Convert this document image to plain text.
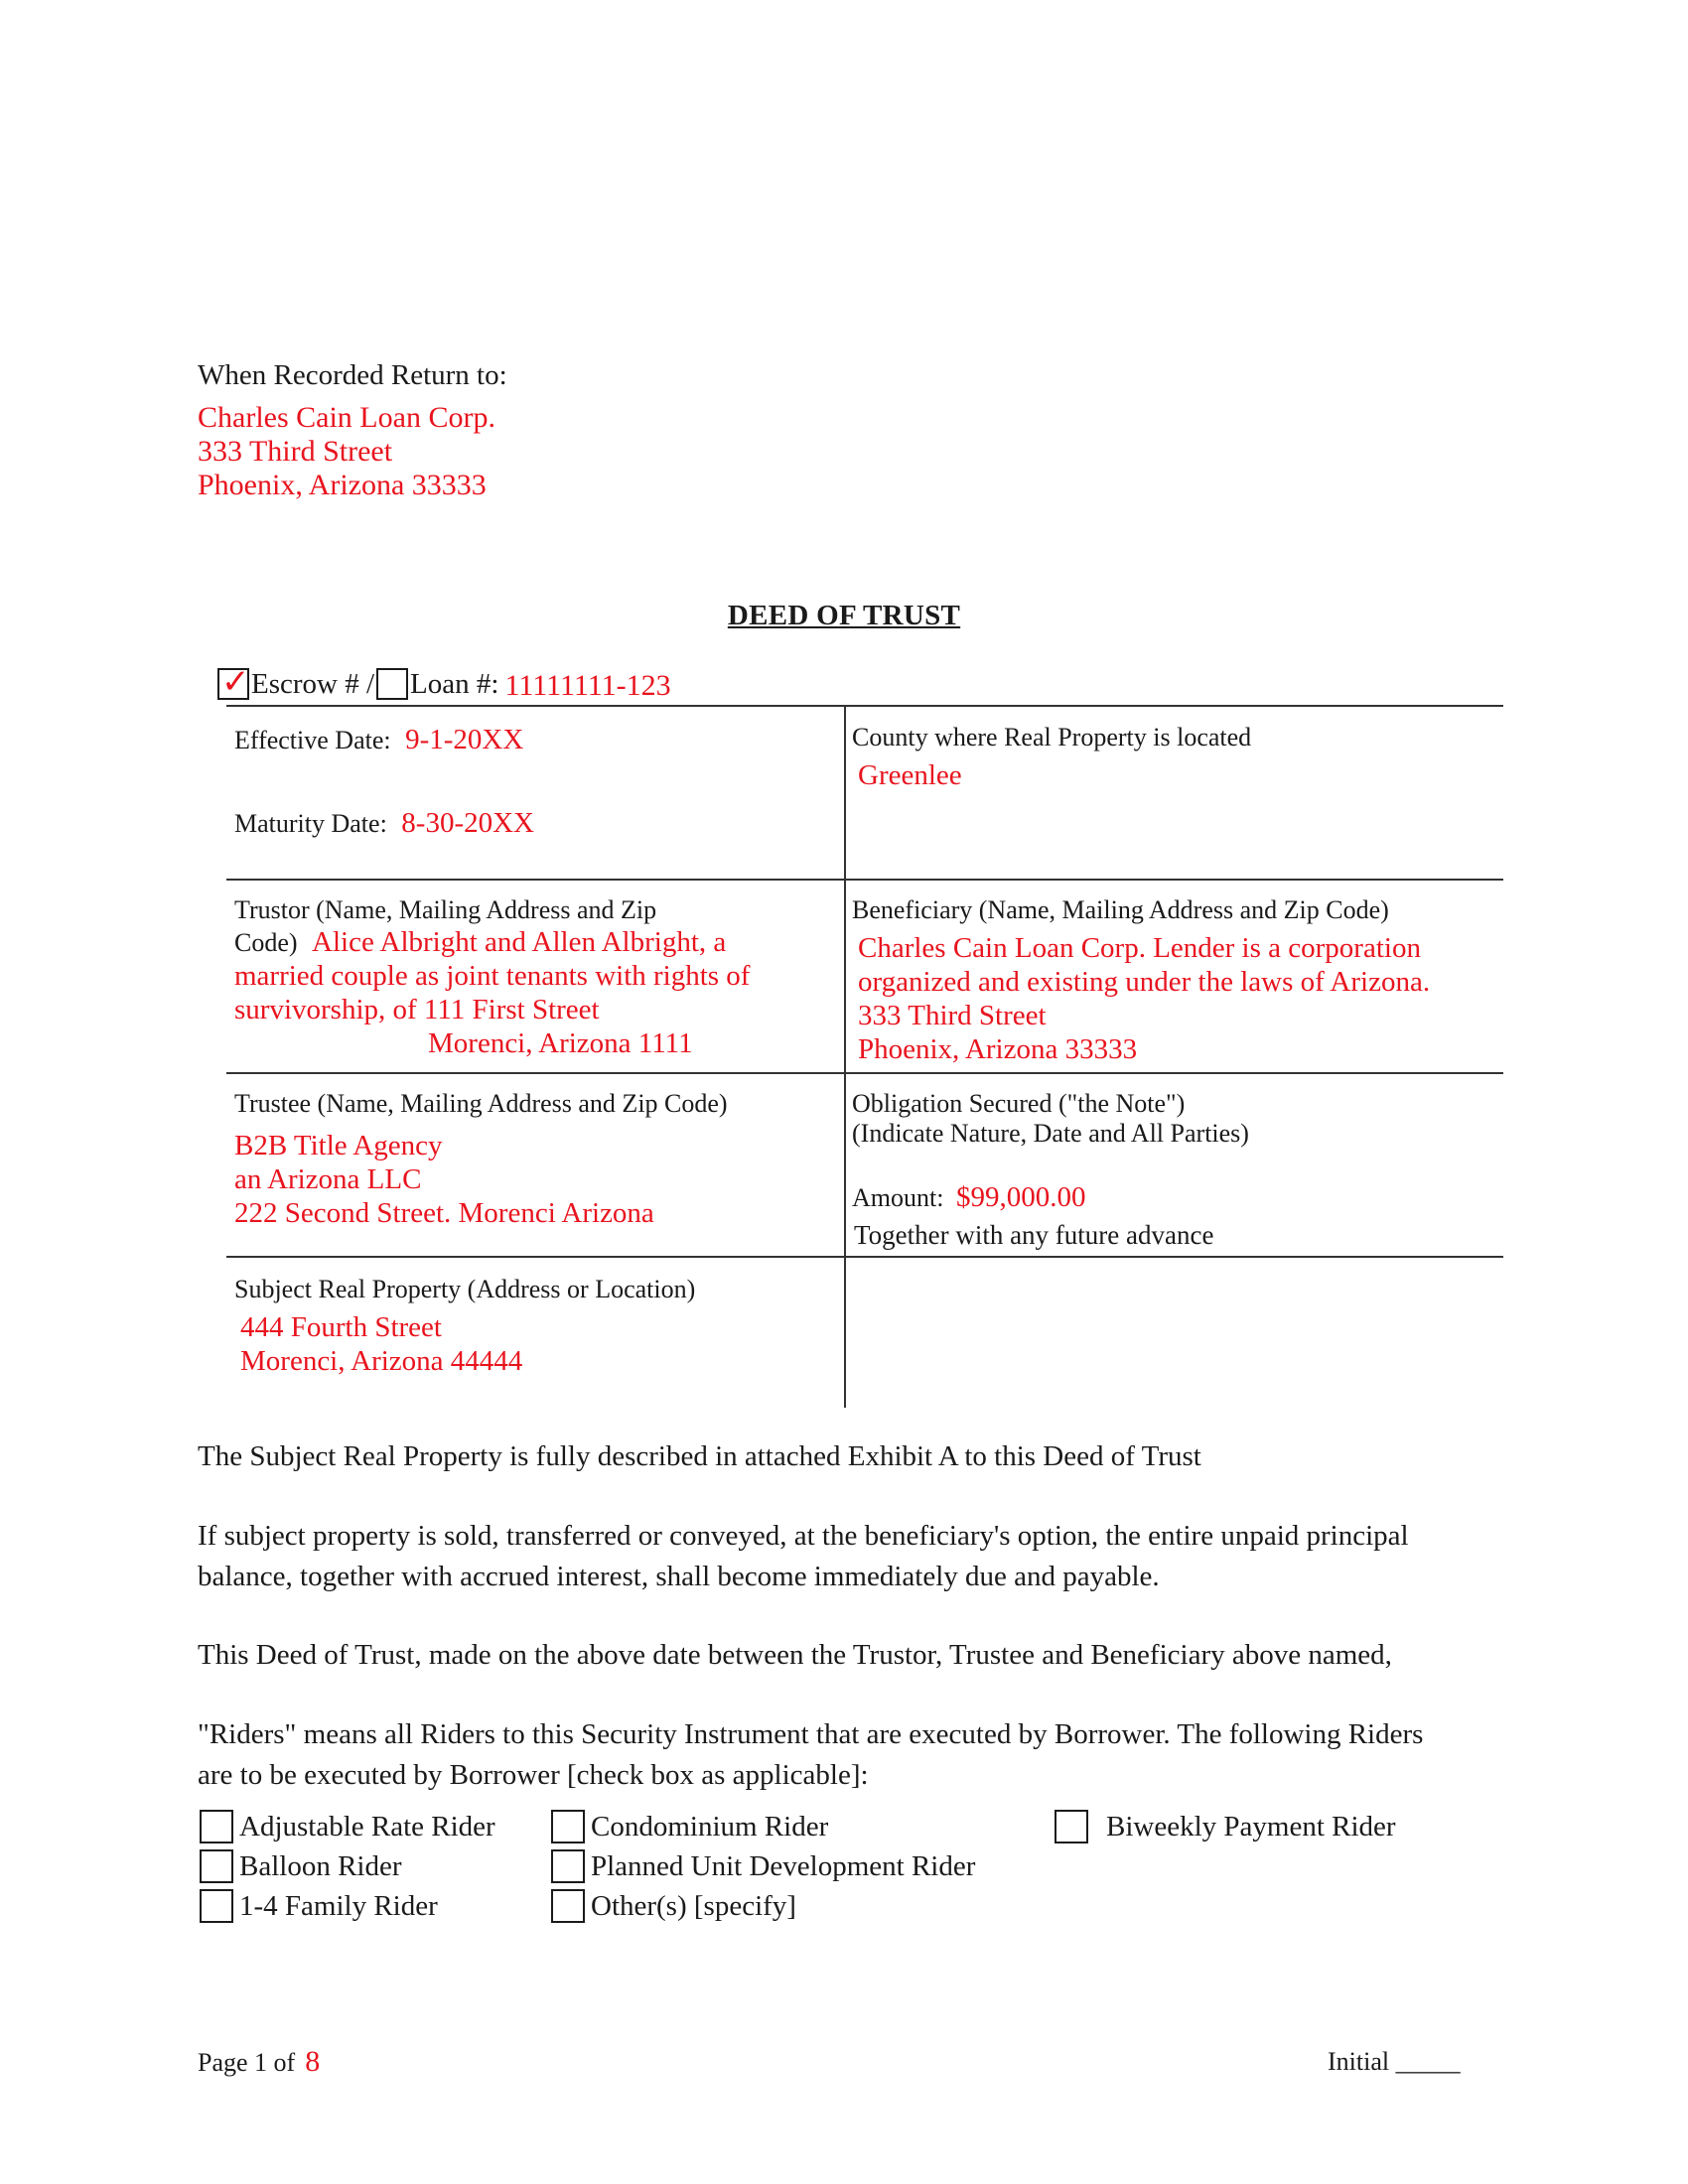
When Recorded Return to:
Charles Cain Loan Corp.
333 Third Street
Phoenix, Arizona 33333
DEED OF TRUST
✓ Escrow # / Loan #: 11111111-123
Effective Date: 9-1-20XX
Maturity Date: 8-30-20XX
County where Real Property is located
Greenlee
Trustor (Name, Mailing Address and Zip
Code) Alice Albright and Allen Albright, a
married couple as joint tenants with rights of
survivorship, of 111 First Street
Morenci, Arizona 1111
Beneficiary (Name, Mailing Address and Zip Code)
Charles Cain Loan Corp. Lender is a corporation
organized and existing under the laws of Arizona.
333 Third Street
Phoenix, Arizona 33333
Trustee (Name, Mailing Address and Zip Code)
B2B Title Agency
an Arizona LLC
222 Second Street. Morenci Arizona
Obligation Secured ("the Note")
(Indicate Nature, Date and All Parties)
Amount: $99,000.00
Together with any future advance
Subject Real Property (Address or Location)
444 Fourth Street
Morenci, Arizona 44444
The Subject Real Property is fully described in attached Exhibit A to this Deed of Trust
If subject property is sold, transferred or conveyed, at the beneficiary's option, the entire unpaid principal balance, together with accrued interest, shall become immediately due and payable.
This Deed of Trust, made on the above date between the Trustor, Trustee and Beneficiary above named,
"Riders" means all Riders to this Security Instrument that are executed by Borrower. The following Riders are to be executed by Borrower [check box as applicable]:
Adjustable Rate Rider
Balloon Rider
1-4 Family Rider
Condominium Rider
Planned Unit Development Rider
Other(s) [specify]
Biweekly Payment Rider
Page 1 of 8	Initial _____
